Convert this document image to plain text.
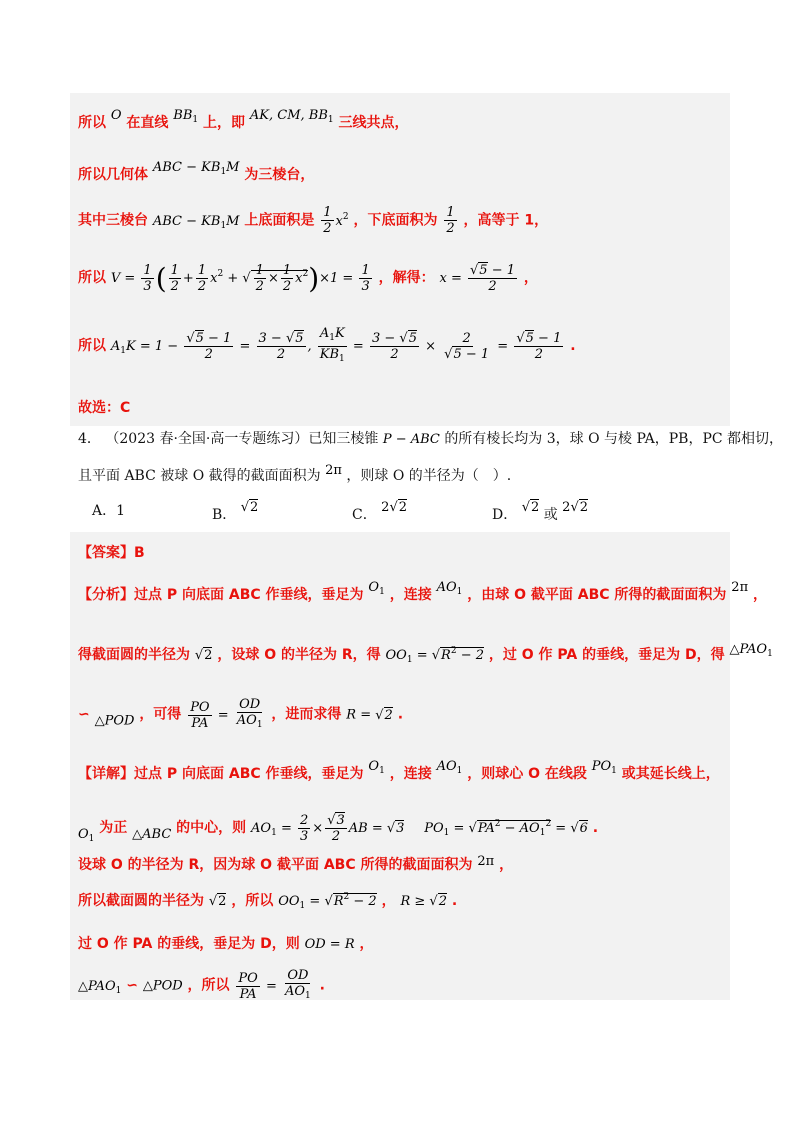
所以 O 在直线 $BB_1$ 上，即 AK, CM, $BB_1$ 三线共点，
所以几何体 ABC − $KB_1M$ 为三棱台，
其中三棱台 ABC − $KB_1M$ 上底面积是 $\frac{1}{2} x^2$ ，下底面积为 $\frac{1}{2}$ ，高等于 1，
所以 $V = \frac{1}{3}$ ( $\frac{1}{2} + \frac{1}{2} x^2$ + √ $\frac{1}{2} \times \frac{1}{2} x^2)\times 1 = \frac{1}{3}$ ，解得： x = √ $\frac{5 - 1}{2}$ ，
所以 $A_1K = 1$ − √ $\frac{5 - 1}{2} = \frac{3 - √ 5}{2}$ , $\frac{A_1K}{KB_1} = \frac{3 - √ 5}{2} \times 2$
√ 5 − 1 = √ $\frac{5 - 1}{2}$ .
故选：C
4． （2023 春·全国·高一专题练习）已知三棱锥 P − ABC 的所有棱长均为 3，球 O 与棱 PA，PB，PC 都相切，
且平面 ABC 被球 O 截得的截面面积为 2π ，则球 O 的半径为（　）.
A．1	B． √ 2	C． 2 √ 2	D． √ 2 或 2 √ 2
【答案】B
【分析】过点 P 向底面 ABC 作垂线，垂足为 $O_1$ ，连接 $AO_1$ ，由球 O 截平面 ABC 所得的截面面积为 2π ，
得截面圆的半径为 √ 2 ，设球 O 的半径为 R，得 $OO_1$ = √ $R^2 - 2$ ，过 O 作 PA 的垂线，垂足为 D，得 $\triangle PAO_1$
∽ △POD ，可得 $\frac{PO}{PA} = \frac{OD}{AO_1}$ ，进而求得 R = √ 2 .
【详解】过点 P 向底面 ABC 作垂线，垂足为 $O_1$ ，连接 $AO_1$ ，则球心 O 在线段 $PO_1$ 或其延长线上，
$O_1$ 为正 △ABC 的中心，则 $AO_1 = \frac{2}{3}$ × √ $\frac{3}{2}$ AB = √ 3 $PO_1$ = √ $PA^2 - AO_1^2$ = √ 6 .
设球 O 的半径为 R，因为球 O 截平面 ABC 所得的截面面积为 2π ，
所以截面圆的半径为 √ 2 ，所以 $OO_1$ = √ $R^2 - 2$ ， R ≥ √ 2 .
过 O 作 PA 的垂线，垂足为 D，则 OD = R ，
$\triangle PAO_1$ ∽ △POD ，所以 $\frac{PO}{PA} = \frac{OD}{AO_1}$ .
